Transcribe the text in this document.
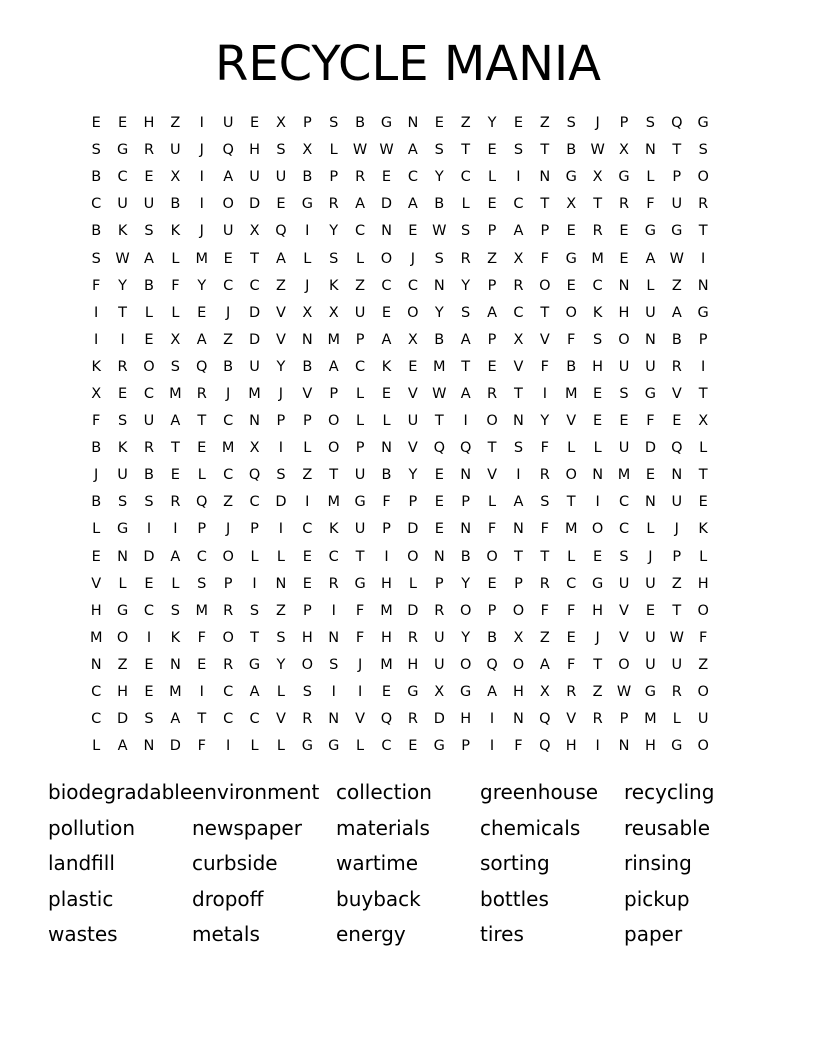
RECYCLE MANIA
E	E	H	Z	I	U	E	X	P	S	B	G	N	E	Z	Y	E	Z	S	J	P	S	Q	G
S	G	R	U	J	Q	H	S	X	L	W W A	S	T	E	S	T	B W X	N	T	S
B	C	E	X	I	A	U	U	B	P	R	E	C	Y	C	L	I	N	G	X	G	L	P	O
C	U	U	B	I	O	D	E	G	R	A	D	A	B	L	E	C	T	X	T	R	F	U	R
B	K	S	K	J	U	X	Q	I	Y	C	N	E	W	S	P	A	P	E	R	E	G	G	T
S	W A	L	M	E	T	A	L	S	L	O	J	S	R	Z	X	F	G	M	E	A W	I
F	Y	B	F	Y	C	C	Z	J	K	Z	C	C	N	Y	P	R	O	E	C	N	L	Z	N
I	T	L	L	E	J	D	V	X	X	U	E	O	Y	S	A	C	T	O	K	H	U	A	G
I	I	E	X	A	Z	D	V	N	M	P	A	X	B	A	P	X	V	F	S	O	N	B	P
K	R	O	S	Q	B	U	Y	B	A	C	K	E	M	T	E	V	F	B	H	U	U	R	I
X	E	C	M	R	J	M	J	V	P	L	E	V W A	R	T	I	M	E	S	G	V	T
F	S	U	A	T	C	N	P	P	O	L	L	U	T	I	O	N	Y	V	E	E	F	E	X
B	K	R	T	E	M	X	I	L	O	P	N	V	Q	Q	T	S	F	L	L	U	D	Q	L
J	U	B	E	L	C	Q	S	Z	T	U	B	Y	E	N	V	I	R	O	N	M	E	N	T
B	S	S	R	Q	Z	C	D	I	M	G	F	P	E	P	L	A	S	T	I	C	N	U	E
L	G	I	I	P	J	P	I	C	K	U	P	D	E	N	F	N	F	M O	C	L	J	K
E	N	D	A	C	O	L	L	E	C	T	I	O	N	B	O	T	T	L	E	S	J	P	L
V	L	E	L	S	P	I	N	E	R	G	H	L	P	Y	E	P	R	C	G	U	U	Z	H
H	G	C	S	M	R	S	Z	P	I	F	M	D	R	O	P	O	F	F	H	V	E	T	O
M O	I	K	F	O	T	S	H	N	F	H	R	U	Y	B	X	Z	E	J	V	U W	F
N	Z	E	N	E	R	G	Y	O	S	J	M	H	U	O	Q	O	A	F	T	O	U	U	Z
C	H	E	M	I	C	A	L	S	I	I	E	G	X	G	A	H	X	R	Z W G	R	O
C	D	S	A	T	C	C	V	R	N	V	Q	R	D	H	I	N	Q	V	R	P	M	L	U
L	A	N	D	F	I	L	L	G	G	L	C	E	G	P	I	F	Q	H	I	N	H	G	O
biodegradable environment collection	greenhouse	recycling
pollution	newspaper	materials	chemicals	reusable
landfill	curbside	wartime	sorting	rinsing
plastic	dropoff	buyback	bottles	pickup
wastes	metals	energy	tires	paper
